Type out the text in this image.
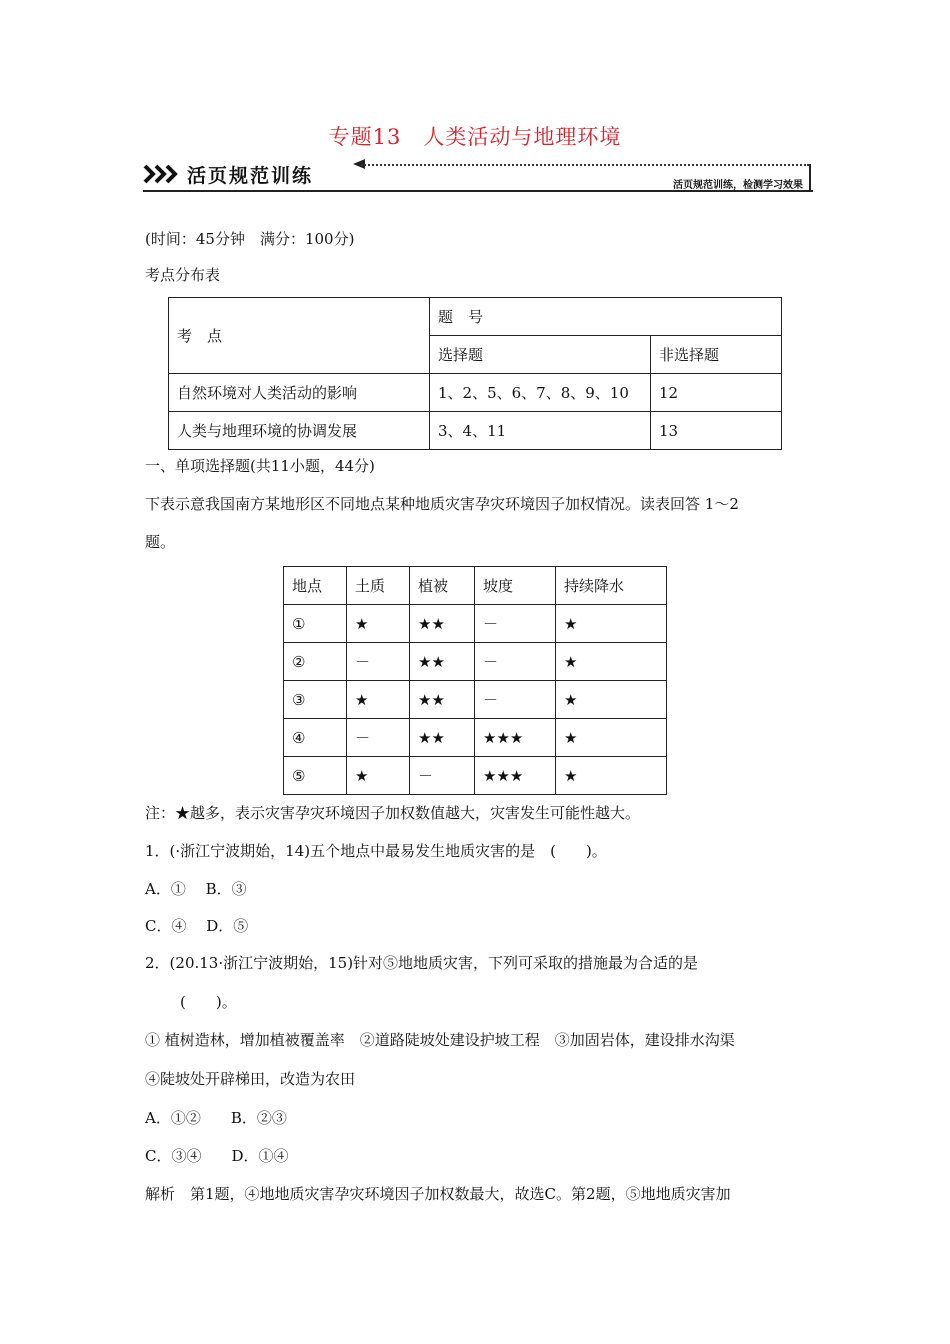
专题13　人类活动与地理环境
活页规范训练	活页规范训练，检测学习效果
(时间：45分钟　满分：100分)
考点分布表
考　点	题　号	
	选择题	非选择题
自然环境对人类活动的影响	1、2、5、6、7、8、9、10	12
人类与地理环境的协调发展	3、4、11	13
一、单项选择题(共11小题，44分)
下表示意我国南方某地形区不同地点某种地质灾害孕灾环境因子加权情况。读表回答 1～2
题。
地点	土质	植被	坡度	持续降水
①	★	★★	－	★
②	－	★★	－	★
③	★	★★	－	★
④	－	★★	★★★	★
⑤	★	－	★★★	★
注：★越多，表示灾害孕灾环境因子加权数值越大，灾害发生可能性越大。
1．(·浙江宁波期始，14)五个地点中最易发生地质灾害的是　(　　)。
A．①　 B．③
C．④　 D．⑤
2．(20.13·浙江宁波期始，15)针对⑤地地质灾害，下列可采取的措施最为合适的是
(　　)。
① 植树造林，增加植被覆盖率　②道路陡坡处建设护坡工程　③加固岩体，建设排水沟渠
④陡坡处开辟梯田，改造为农田
A．①②　　B．②③
C．③④　　D．①④
解析　第1题，④地地质灾害孕灾环境因子加权数最大，故选C。第2题，⑤地地质灾害加
